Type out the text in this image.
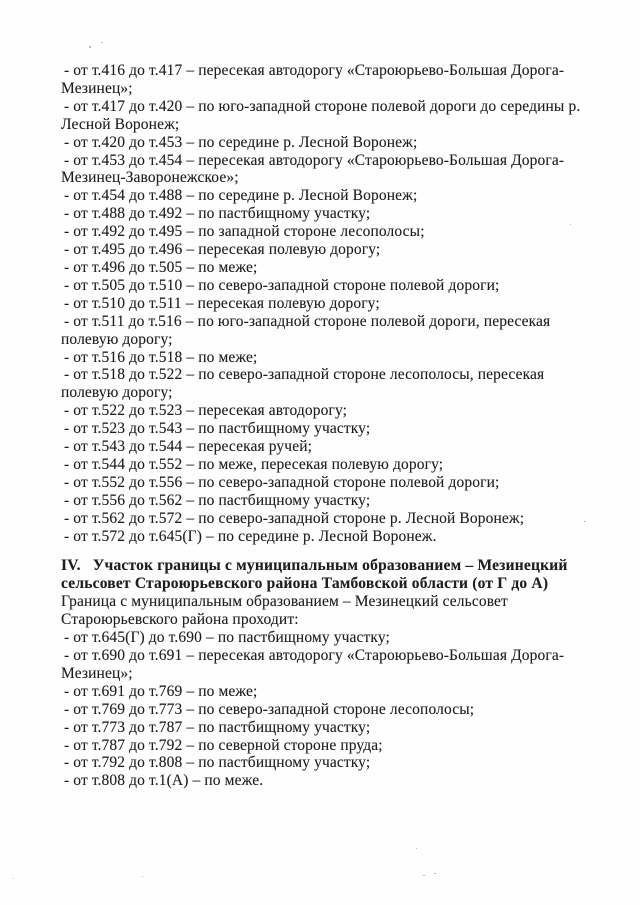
- от т.416 до т.417 – пересекая автодорогу «Староюрьево-Большая Дорога-
Мезинец»;
- от т.417 до т.420 – по юго-западной стороне полевой дороги до середины р.
Лесной Воронеж;
- от т.420 до т.453 – по середине р. Лесной Воронеж;
- от т.453 до т.454 – пересекая автодорогу «Староюрьево-Большая Дорога-
Мезинец-Заворонежское»;
- от т.454 до т.488 – по середине р. Лесной Воронеж;
- от т.488 до т.492 – по пастбищному участку;
- от т.492 до т.495 – по западной стороне лесополосы;
- от т.495 до т.496 – пересекая полевую дорогу;
- от т.496 до т.505 – по меже;
- от т.505 до т.510 – по северо-западной стороне полевой дороги;
- от т.510 до т.511 – пересекая полевую дорогу;
- от т.511 до т.516 – по юго-западной стороне полевой дороги, пересекая
полевую дорогу;
- от т.516 до т.518 – по меже;
- от т.518 до т.522 – по северо-западной стороне лесополосы, пересекая
полевую дорогу;
- от т.522 до т.523 – пересекая автодорогу;
- от т.523 до т.543 – по пастбищному участку;
- от т.543 до т.544 – пересекая ручей;
- от т.544 до т.552 – по меже, пересекая полевую дорогу;
- от т.552 до т.556 – по северо-западной стороне полевой дороги;
- от т.556 до т.562 – по пастбищному участку;
- от т.562 до т.572 – по северо-западной стороне р. Лесной Воронеж;
- от т.572 до т.645(Г) – по середине р. Лесной Воронеж.
IV.   Участок границы с муниципальным образованием – Мезинецкий
сельсовет Староюрьевского района Тамбовской области (от Г до А)
Граница с муниципальным образованием – Мезинецкий сельсовет
Староюрьевского района проходит:
- от т.645(Г) до т.690 – по пастбищному участку;
- от т.690 до т.691 – пересекая автодорогу «Староюрьево-Большая Дорога-
Мезинец»;
- от т.691 до т.769 – по меже;
- от т.769 до т.773 – по северо-западной стороне лесополосы;
- от т.773 до т.787 – по пастбищному участку;
- от т.787 до т.792 – по северной стороне пруда;
- от т.792 до т.808 – по пастбищному участку;
- от т.808 до т.1(А) – по меже.
